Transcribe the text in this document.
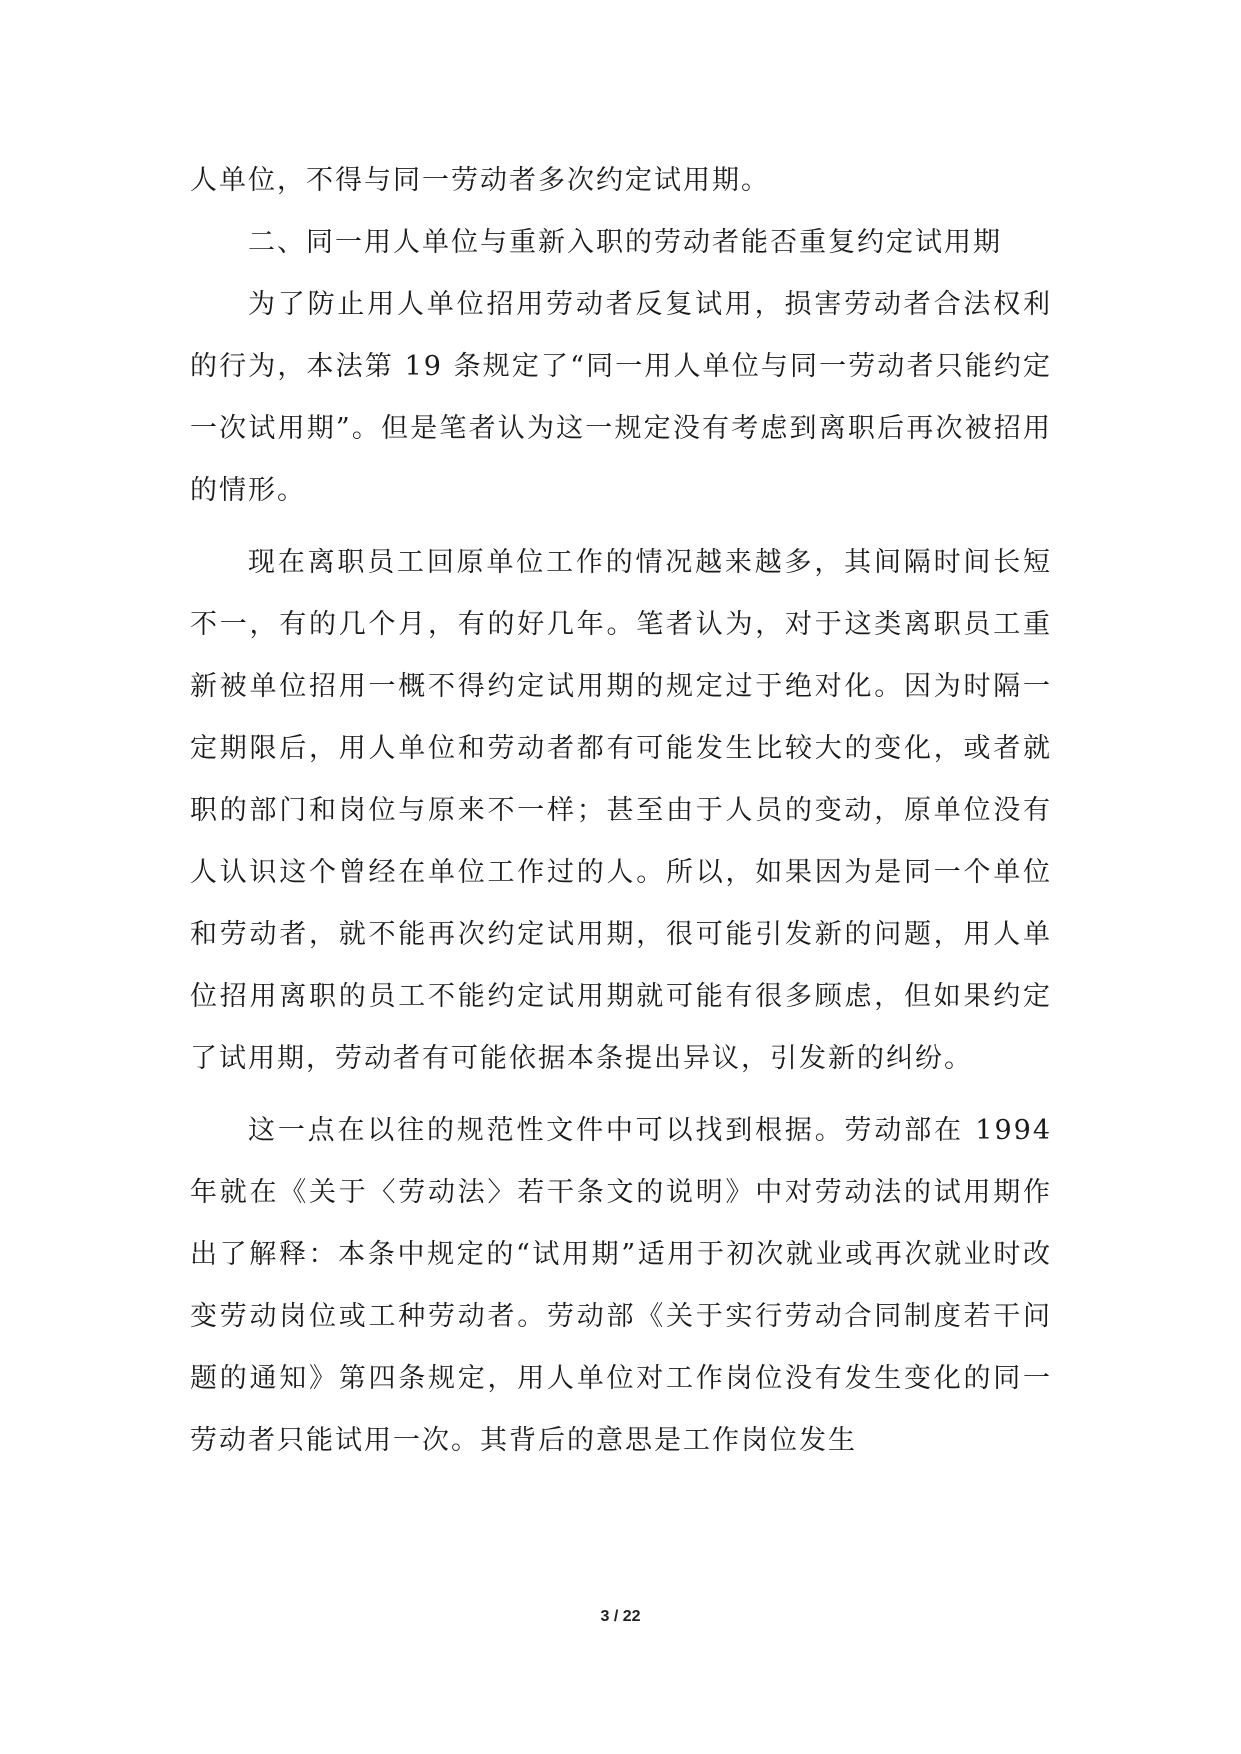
人单位，不得与同一劳动者多次约定试用期。

二、同一用人单位与重新入职的劳动者能否重复约定试用期

为了防止用人单位招用劳动者反复试用，损害劳动者合法权利的行为，本法第 19 条规定了“同一用人单位与同一劳动者只能约定一次试用期”。但是笔者认为这一规定没有考虑到离职后再次被招用的情形。

现在离职员工回原单位工作的情况越来越多，其间隔时间长短不一，有的几个月，有的好几年。笔者认为，对于这类离职员工重新被单位招用一概不得约定试用期的规定过于绝对化。因为时隔一定期限后，用人单位和劳动者都有可能发生比较大的变化，或者就职的部门和岗位与原来不一样；甚至由于人员的变动，原单位没有人认识这个曾经在单位工作过的人。所以，如果因为是同一个单位和劳动者，就不能再次约定试用期，很可能引发新的问题，用人单位招用离职的员工不能约定试用期就可能有很多顾虑，但如果约定了试用期，劳动者有可能依据本条提出异议，引发新的纠纷。

这一点在以往的规范性文件中可以找到根据。劳动部在 1994 年就在《关于〈劳动法〉若干条文的说明》中对劳动法的试用期作出了解释：本条中规定的“试用期”适用于初次就业或再次就业时改变劳动岗位或工种劳动者。劳动部《关于实行劳动合同制度若干问题的通知》第四条规定，用人单位对工作岗位没有发生变化的同一劳动者只能试用一次。其背后的意思是工作岗位发生

3 / 22
